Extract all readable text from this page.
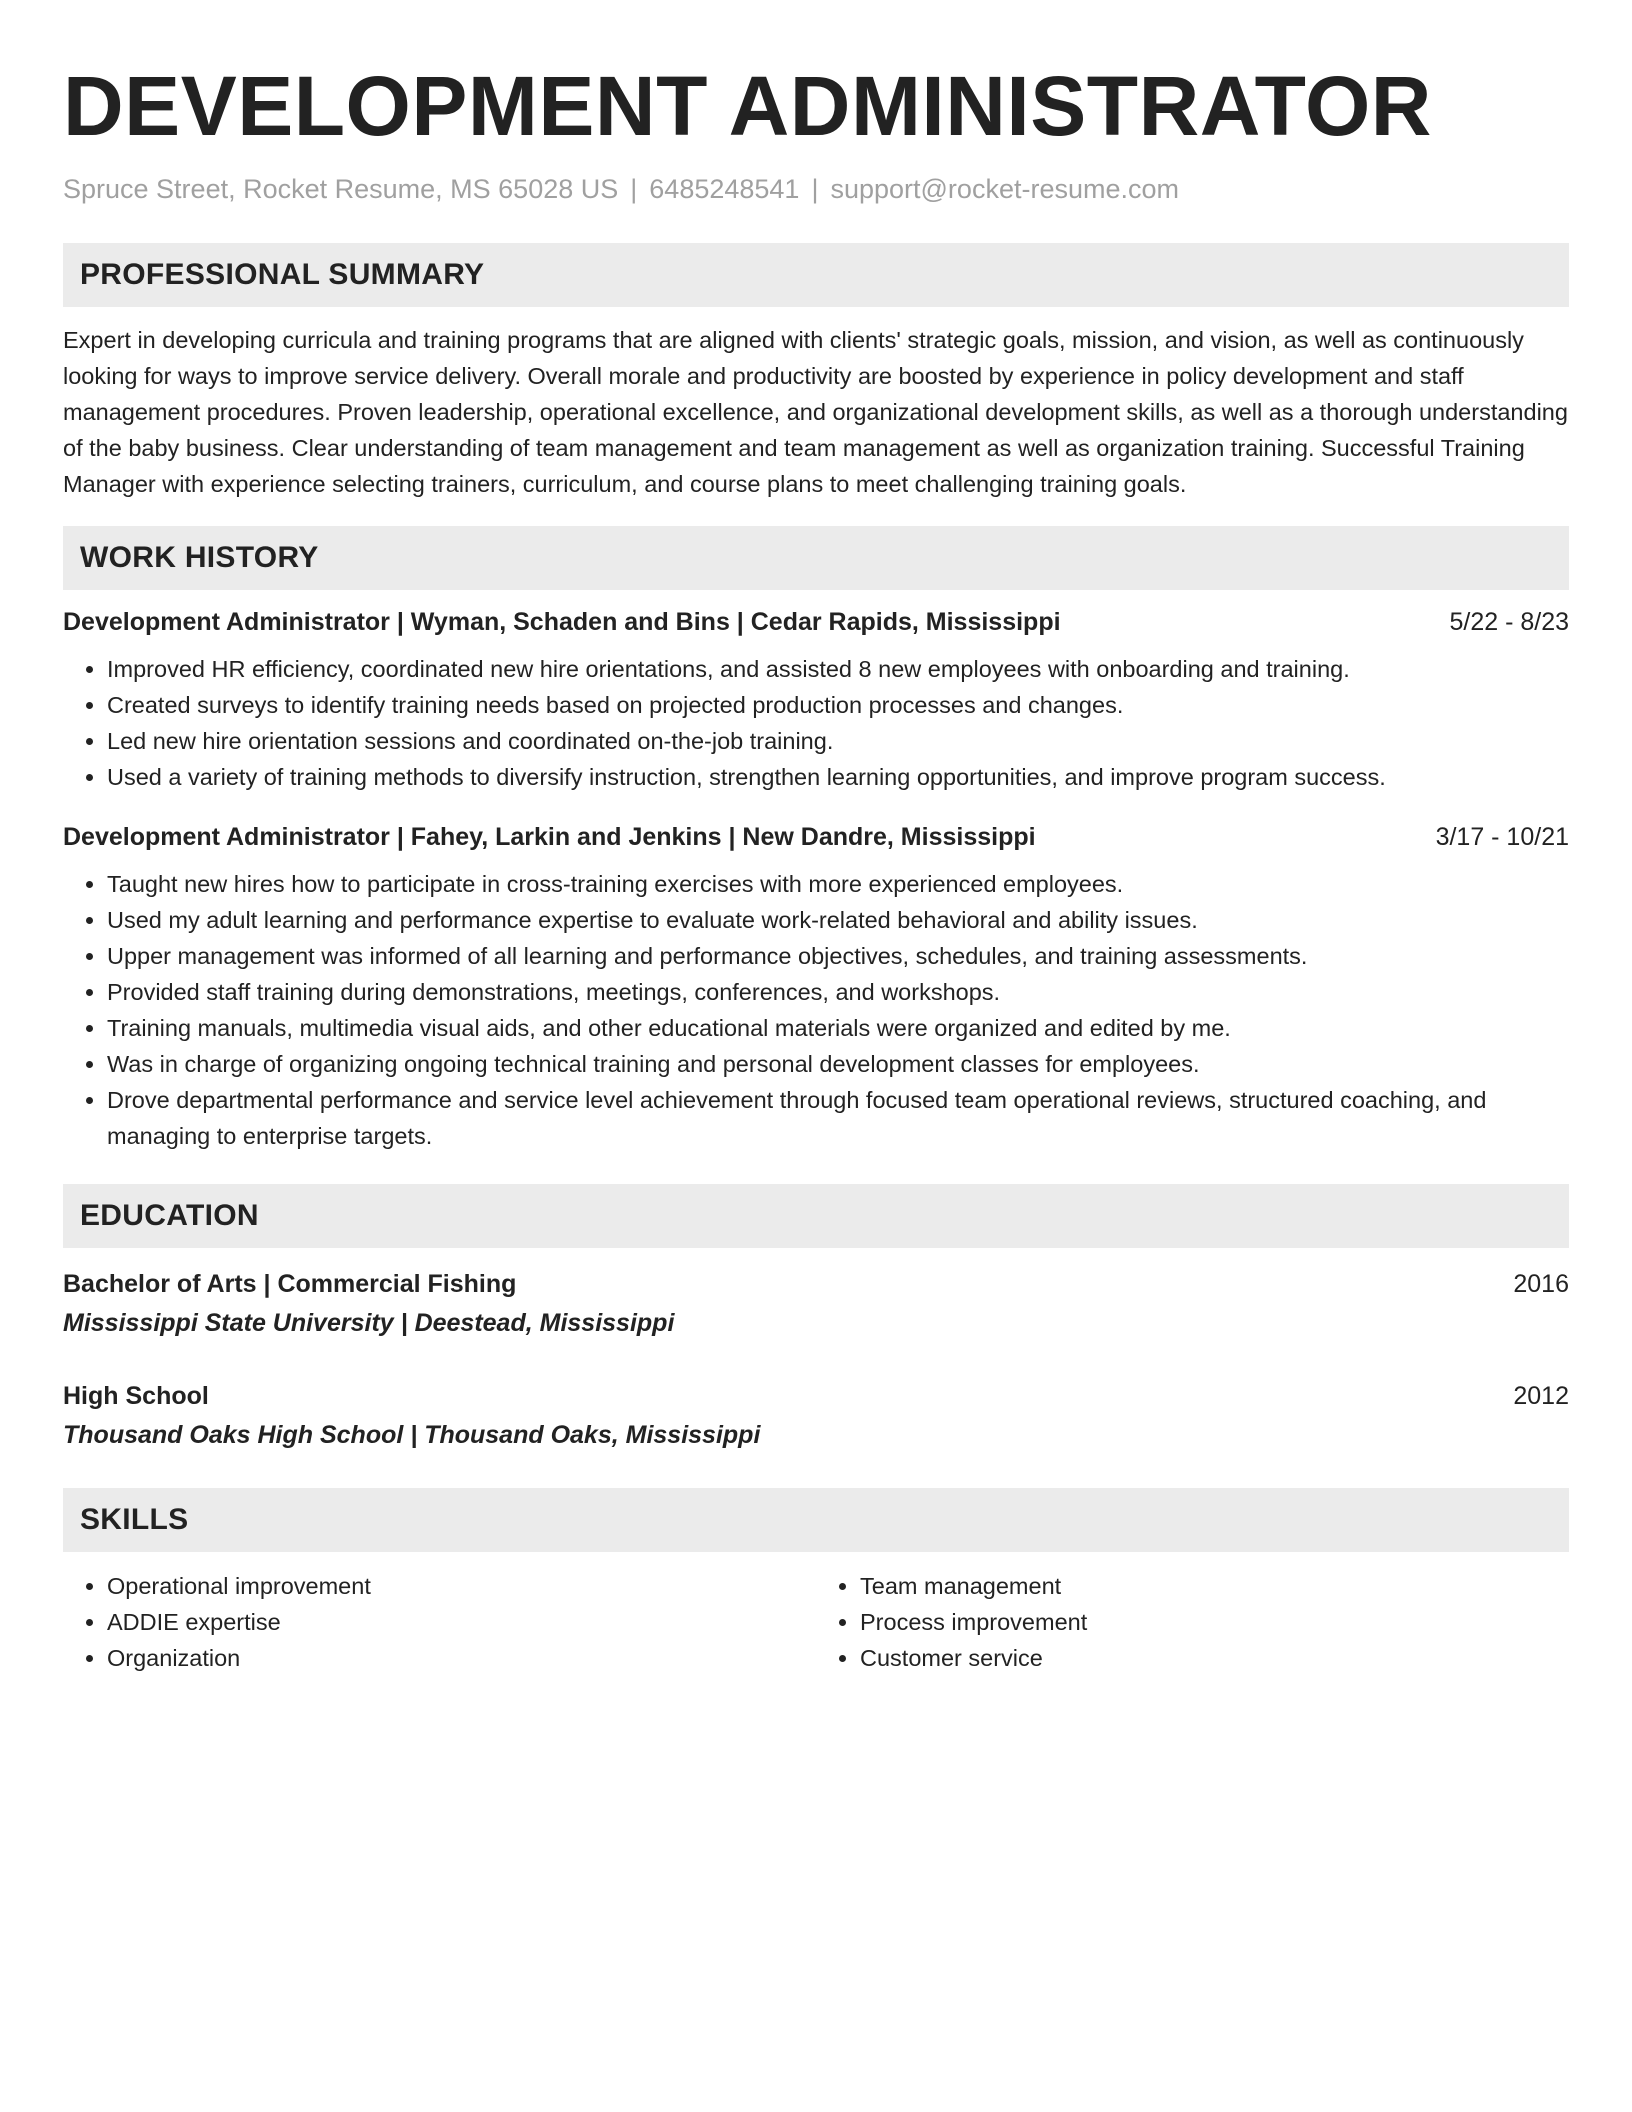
DEVELOPMENT ADMINISTRATOR
Spruce Street, Rocket Resume, MS 65028 US | 6485248541 | support@rocket-resume.com
PROFESSIONAL SUMMARY

Expert in developing curricula and training programs that are aligned with clients' strategic goals, mission, and vision, as well as continuously looking for ways to improve service delivery. Overall morale and productivity are boosted by experience in policy development and staff management procedures. Proven leadership, operational excellence, and organizational development skills, as well as a thorough understanding of the baby business. Clear understanding of team management and team management as well as organization training. Successful Training Manager with experience selecting trainers, curriculum, and course plans to meet challenging training goals.

WORK HISTORY
Development Administrator | Wyman, Schaden and Bins | Cedar Rapids, Mississippi	5/22 - 8/23
• Improved HR efficiency, coordinated new hire orientations, and assisted 8 new employees with onboarding and training.
• Created surveys to identify training needs based on projected production processes and changes.
• Led new hire orientation sessions and coordinated on-the-job training.
• Used a variety of training methods to diversify instruction, strengthen learning opportunities, and improve program success.
Development Administrator | Fahey, Larkin and Jenkins | New Dandre, Mississippi	3/17 - 10/21
• Taught new hires how to participate in cross-training exercises with more experienced employees.
• Used my adult learning and performance expertise to evaluate work-related behavioral and ability issues.
• Upper management was informed of all learning and performance objectives, schedules, and training assessments.
• Provided staff training during demonstrations, meetings, conferences, and workshops.
• Training manuals, multimedia visual aids, and other educational materials were organized and edited by me.
• Was in charge of organizing ongoing technical training and personal development classes for employees.
• Drove departmental performance and service level achievement through focused team operational reviews, structured coaching, and managing to enterprise targets.
EDUCATION
Bachelor of Arts | Commercial Fishing	2016
Mississippi State University | Deestead, Mississippi
High School	2012
Thousand Oaks High School | Thousand Oaks, Mississippi
SKILLS
• Operational improvement
• ADDIE expertise
• Organization
• Team management
• Process improvement
• Customer service
